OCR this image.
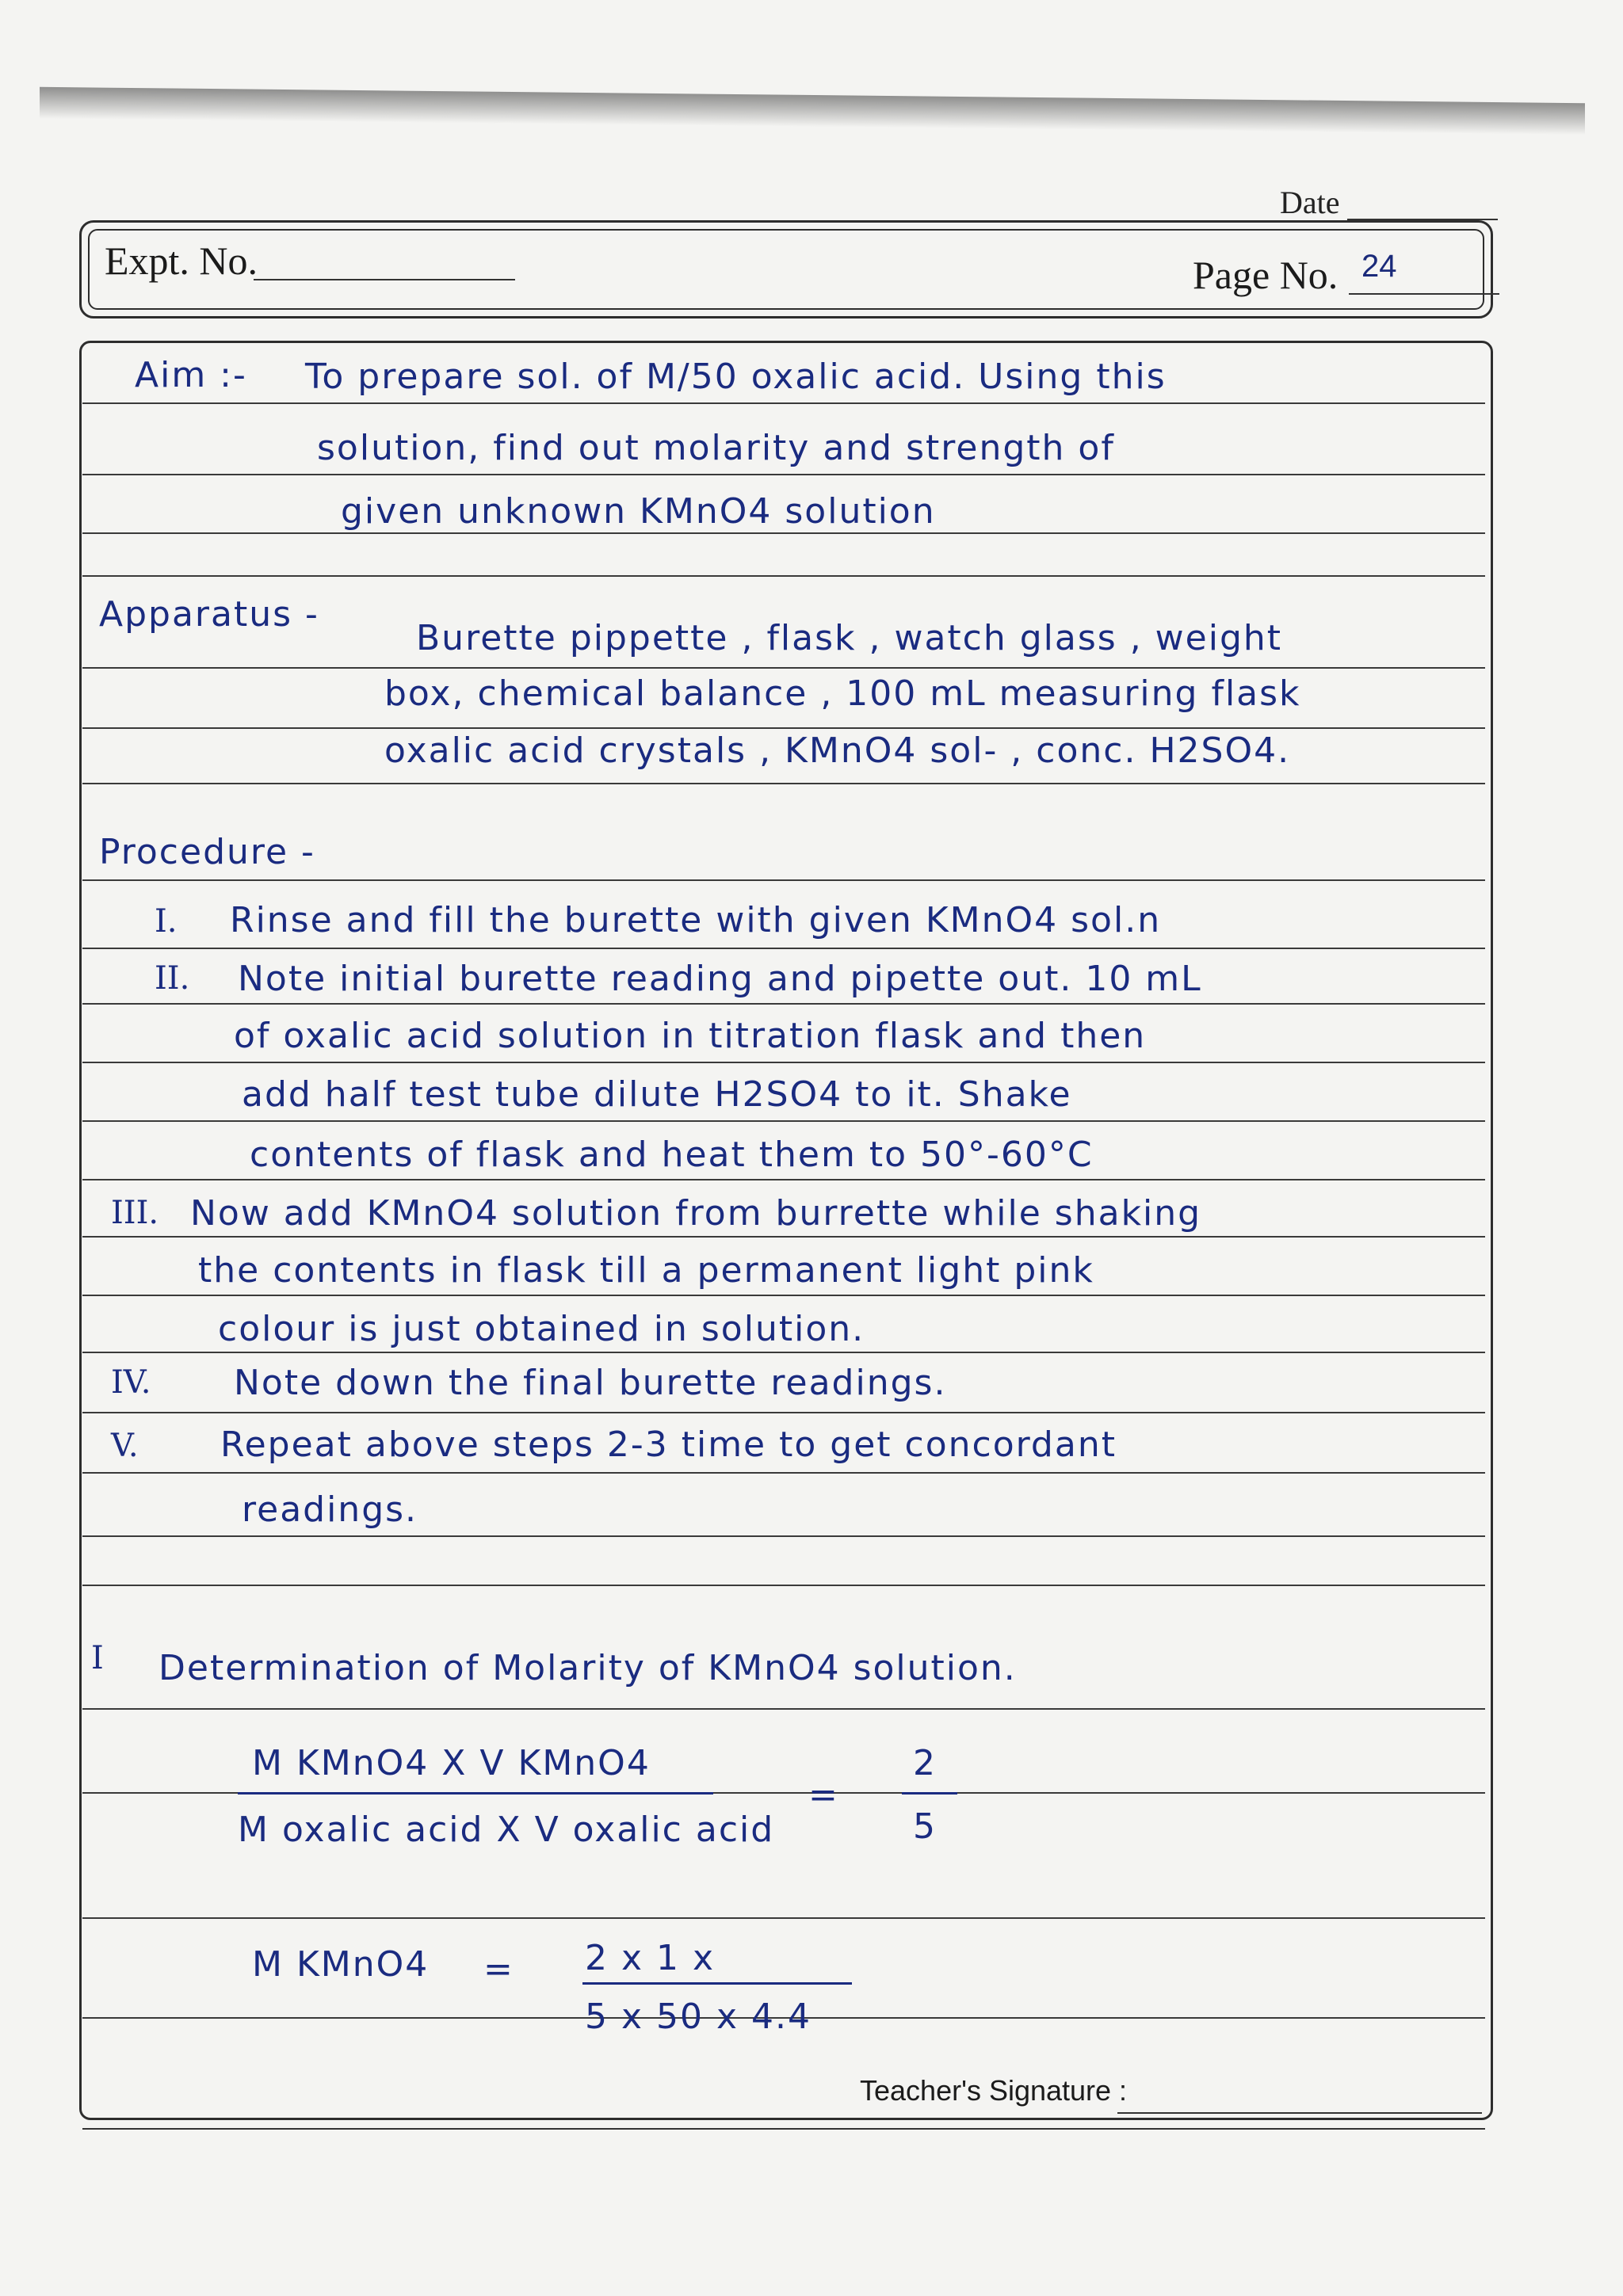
Date
Expt. No.	Page No. 24
Aim :- To prepare sol. of M/50 oxalic acid. Using this
solution, find out molarity and strength of
given unknown KMnO4 solution
Apparatus -
Burette pippette , flask , watch glass , weight
box, chemical balance , 100 mL measuring flask
oxalic acid crystals , KMnO4 sol- , conc. H2SO4.
Procedure -
I. Rinse and fill the burette with given KMnO4 sol.n
II. Note initial burette reading and pipette out. 10 mL
of oxalic acid solution in titration flask and then
add half test tube dilute H2SO4 to it. Shake
contents of flask and heat them to 50°-60°C
III. Now add KMnO4 solution from burrette while shaking
the contents in flask till a permanent light pink
colour is just obtained in solution.
IV. Note down the final burette readings.
V. Repeat above steps 2-3 time to get concordant
readings.
I Determination of Molarity of KMnO4 solution.
M KMnO4 X V KMnO4
M oxalic acid X V oxalic acid
=
2
5
M KMnO4 = 2 x 1 x
5 x 50 x 4.4
Teacher's Signature :
